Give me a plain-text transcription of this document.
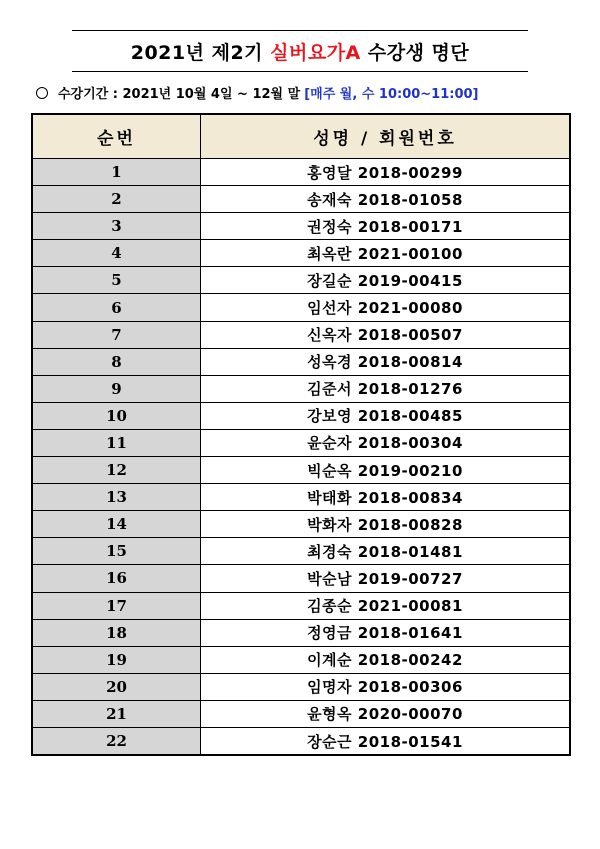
2021년 제2기 실버요가A 수강생 명단
수강기간 : 2021년 10월 4일 ~ 12월 말 [매주 월, 수 10:00~11:00]
순번	성명 / 회원번호
1	홍영달 2018-00299
2	송재숙 2018-01058
3	권정숙 2018-00171
4	최옥란 2021-00100
5	장길순 2019-00415
6	임선자 2021-00080
7	신옥자 2018-00507
8	성옥경 2018-00814
9	김준서 2018-01276
10	강보영 2018-00485
11	윤순자 2018-00304
12	빅순옥 2019-00210
13	박태화 2018-00834
14	박화자 2018-00828
15	최경숙 2018-01481
16	박순남 2019-00727
17	김종순 2021-00081
18	정영금 2018-01641
19	이계순 2018-00242
20	임명자 2018-00306
21	윤형옥 2020-00070
22	장순근 2018-01541
